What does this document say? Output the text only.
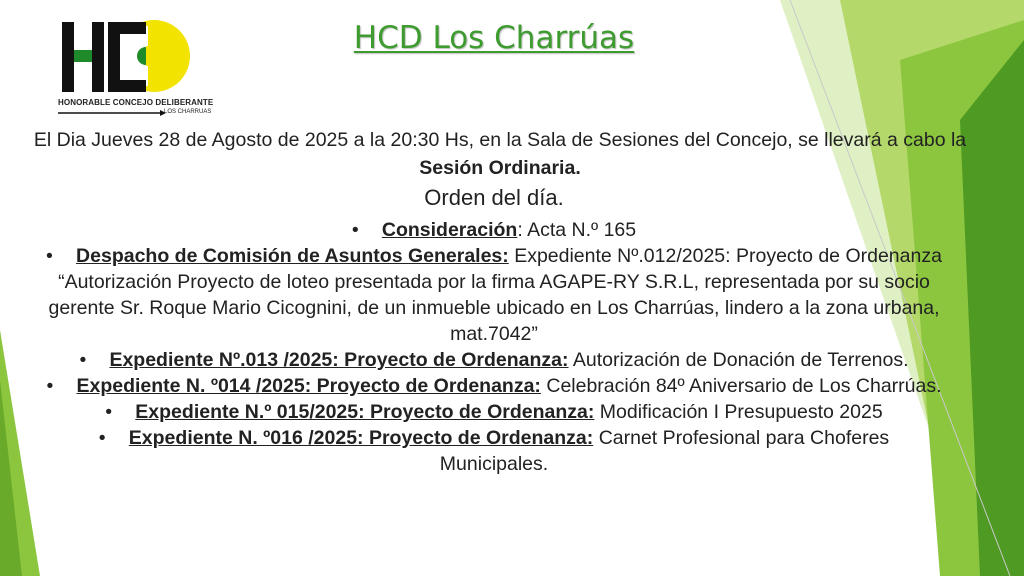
HONORABLE CONCEJO DELIBERANTE
LOS CHARRUAS
HCD Los Charrúas
El Dia Jueves 28 de Agosto de 2025 a la 20:30 Hs, en la Sala de Sesiones del Concejo, se llevará a cabo la Sesión Ordinaria.
Orden del día.
• Consideración: Acta N.º 165
• Despacho de Comisión de Asuntos Generales: Expediente Nº.012/2025: Proyecto de Ordenanza “Autorización Proyecto de loteo presentada por la firma AGAPE-RY S.R.L, representada por su socio gerente Sr. Roque Mario Cicognini, de un inmueble ubicado en Los Charrúas, lindero a la zona urbana, mat.7042”
• Expediente Nº.013 /2025: Proyecto de Ordenanza: Autorización de Donación de Terrenos.
• Expediente N. º014 /2025: Proyecto de Ordenanza: Celebración 84º Aniversario de Los Charrúas.
• Expediente N.º 015/2025: Proyecto de Ordenanza: Modificación I Presupuesto 2025
• Expediente N. º016 /2025: Proyecto de Ordenanza: Carnet Profesional para Choferes Municipales.
